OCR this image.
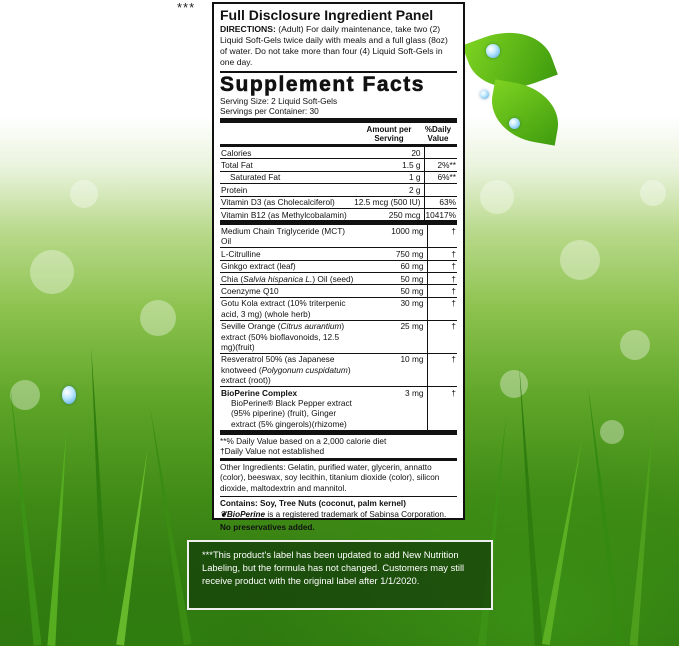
*** Full Disclosure Ingredient Panel
DIRECTIONS: (Adult) For daily maintenance, take two (2) Liquid Soft-Gels twice daily with meals and a full glass (8oz) of water. Do not take more than four (4) Liquid Soft-Gels in one day.
Supplement Facts
Serving Size: 2 Liquid Soft-Gels
Servings per Container: 30
Amount per Serving
%Daily Value
Calories	20	
Total Fat	1.5 g	2%**
Saturated Fat	1 g	6%**
Protein	2 g	
Vitamin D3 (as Cholecalciferol)	12.5 mcg (500 IU)	63%
Vitamin B12 (as Methylcobalamin)	250 mcg	10417%
Medium Chain Triglyceride (MCT) Oil	1000 mg	†
L-Citrulline	750 mg	†
Ginkgo extract (leaf)	60 mg	†
Chia (Salvia hispanica L.) Oil (seed)	50 mg	†
Coenzyme Q10	50 mg	†
Gotu Kola extract (10% triterpenic acid, 3 mg) (whole herb)	30 mg	†
Seville Orange (Citrus aurantium) extract (50% bioflavonoids, 12.5 mg)(fruit)	25 mg	†
Resveratrol 50% (as Japanese knotweed (Polygonum cuspidatum) extract (root))	10 mg	†

BioPerine Complex
BioPerine® Black Pepper extract (95% piperine) (fruit), Ginger extract (5% gingerols)(rhizome)	3 mg	†
**% Daily Value based on a 2,000 calorie diet
†Daily Value not established
Other Ingredients: Gelatin, purified water, glycerin, annatto (color), beeswax, soy lecithin, titanium dioxide (color), silicon dioxide, maltodextrin and mannitol.
Contains: Soy, Tree Nuts (coconut, palm kernel)
❦BioPerine is a registered trademark of Sabinsa Corporation.
No preservatives added.
***This product's label has been updated to add New Nutrition Labeling, but the formula has not changed. Customers may still receive product with the original label after 1/1/2020.
